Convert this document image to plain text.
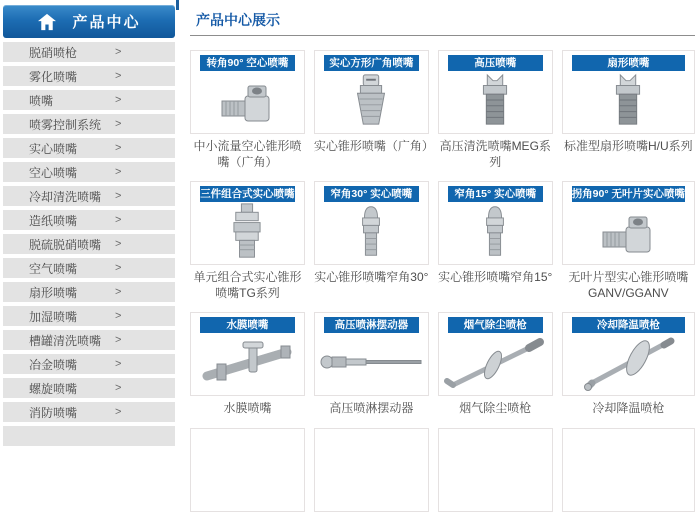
产品中心
脱硝喷枪	>
雾化喷嘴	>
喷嘴	>
喷雾控制系统 >
实心喷嘴	>
空心喷嘴	>
冷却清洗喷嘴 >
造纸喷嘴	>
脱硫脱硝喷嘴 >
空气喷嘴	>
扇形喷嘴	>
加湿喷嘴	>
槽罐清洗喷嘴 >
冶金喷嘴	>
螺旋喷嘴	>
消防喷嘴	>
产品中心展示
转角90° 空心喷嘴
中小流量空心锥形喷嘴（广角）
实心方形广角喷嘴
实心锥形喷嘴（广角）
高压喷嘴
高压清洗喷嘴MEG系列
扇形喷嘴
标准型扇形喷嘴H/U系列
三件组合式实心喷嘴
单元组合式实心锥形喷嘴TG系列
窄角30° 实心喷嘴
实心锥形喷嘴窄角30°
窄角15° 实心喷嘴
实心锥形喷嘴窄角15°
拐角90° 无叶片实心喷嘴
无叶片型实心锥形喷嘴GANV/GGANV
水膜喷嘴
水膜喷嘴
高压喷淋摆动器
高压喷淋摆动器
烟气除尘喷枪
烟气除尘喷枪
冷却降温喷枪
冷却降温喷枪
